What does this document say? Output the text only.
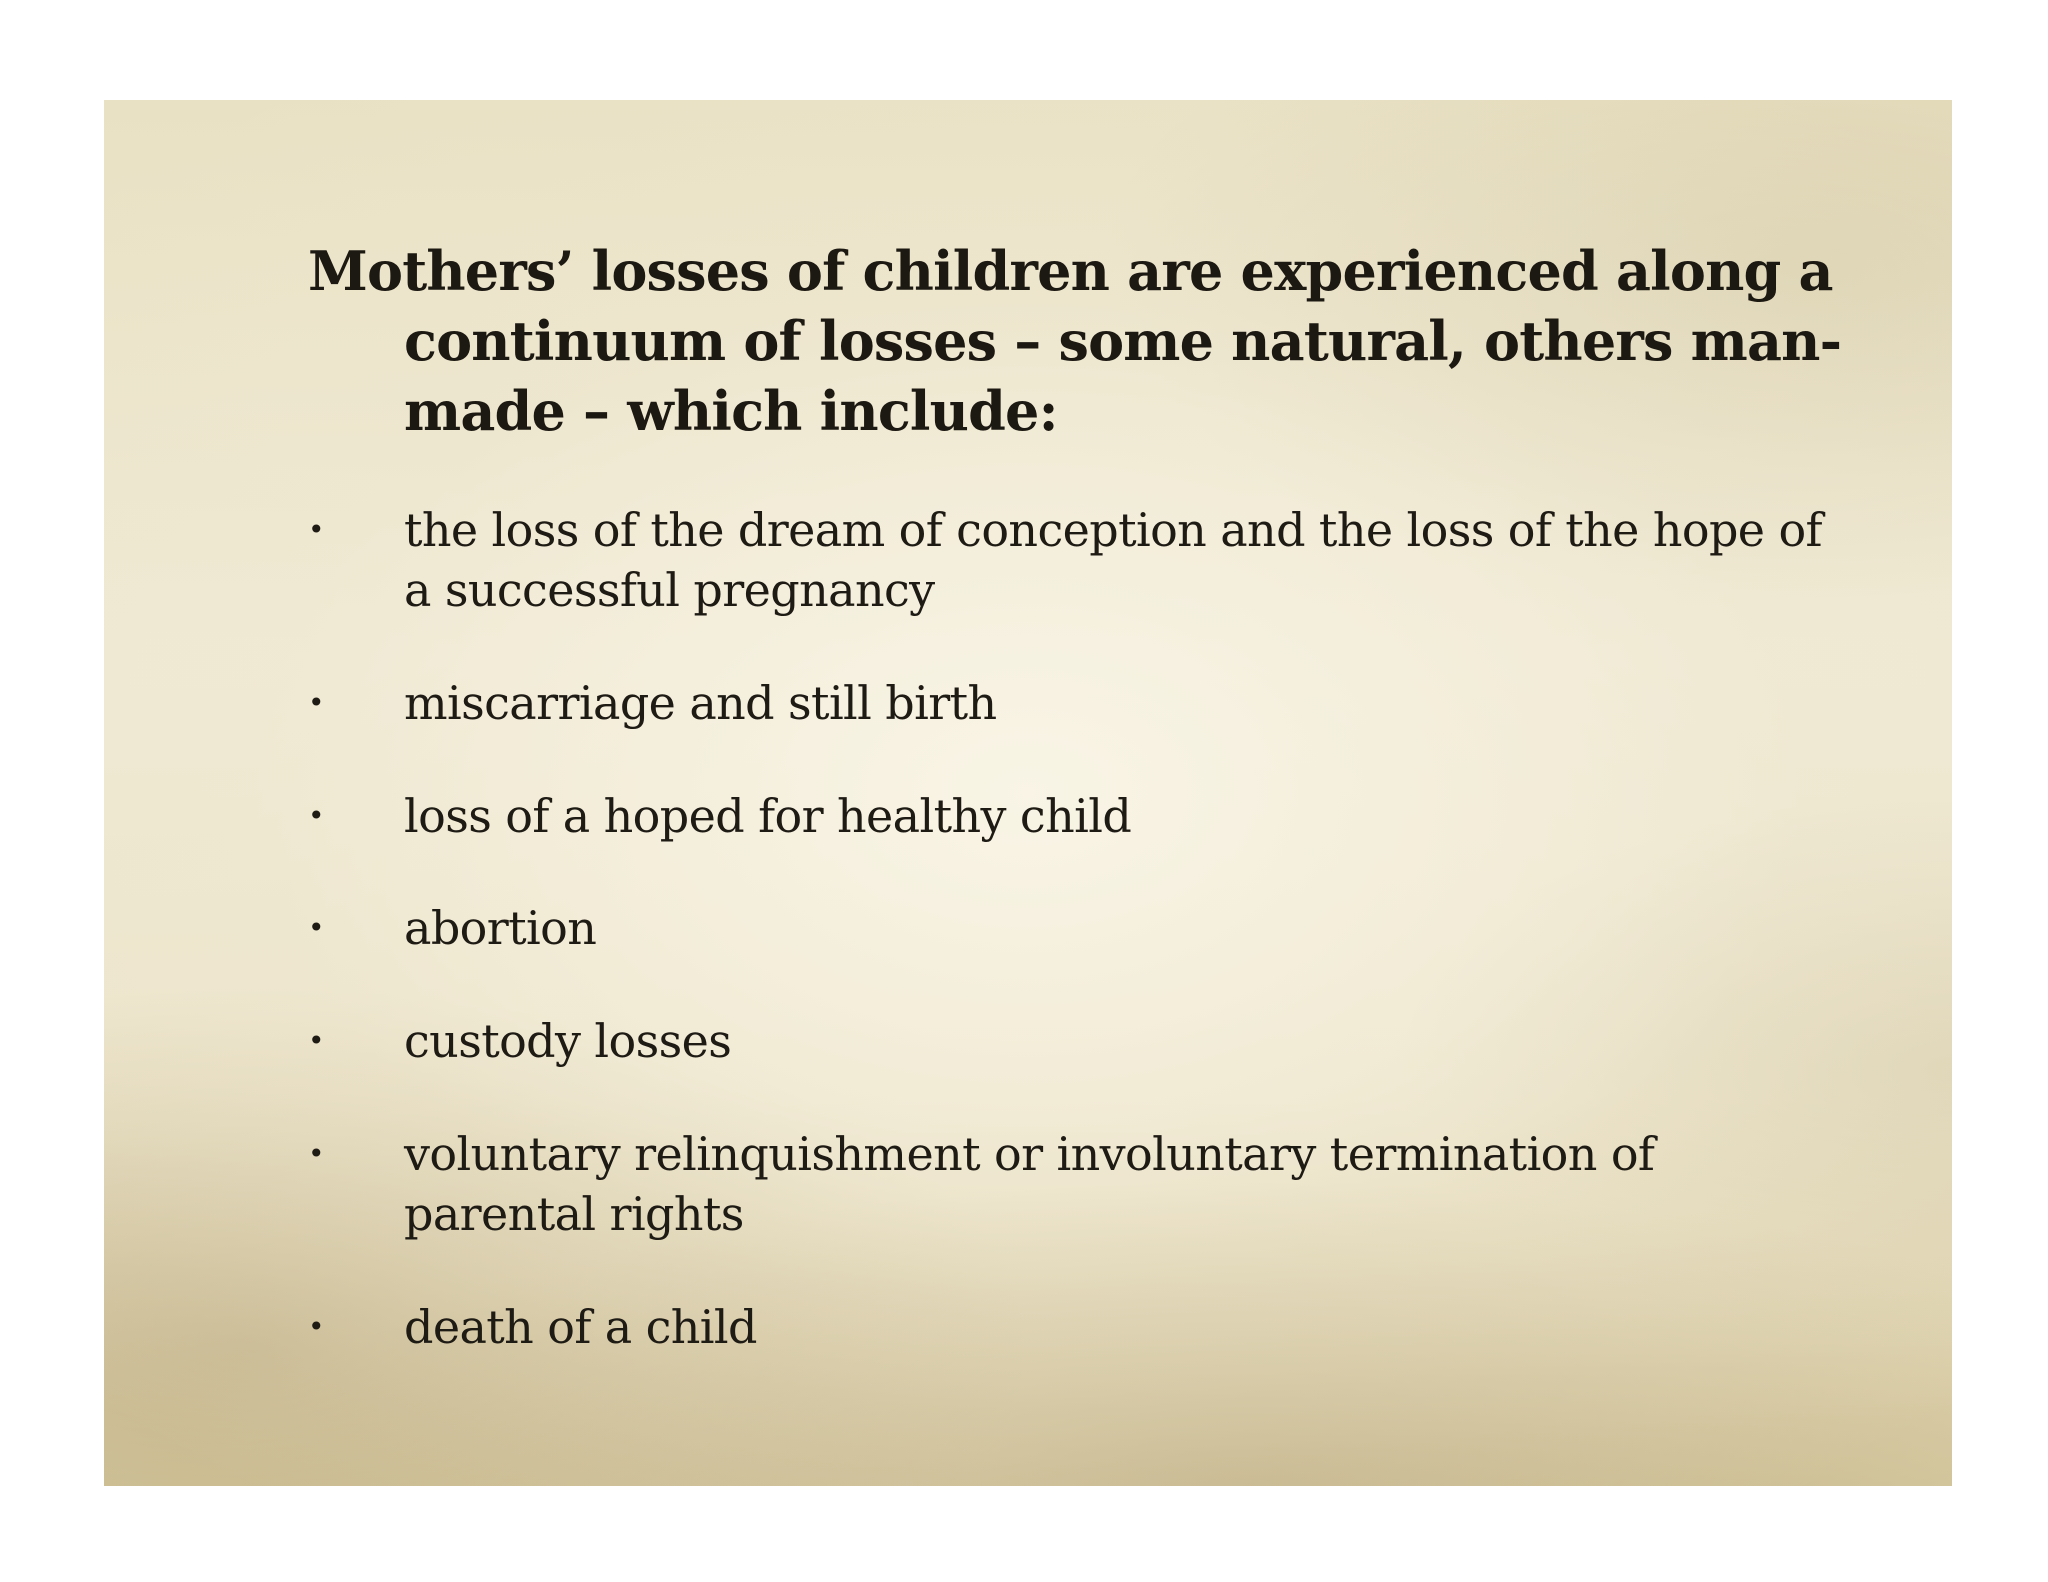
Mothers’ losses of children are experienced along a continuum of losses – some natural, others man-made – which include:
• the loss of the dream of conception and the loss of the hope of a successful pregnancy
• miscarriage and still birth
• loss of a hoped for healthy child
• abortion
• custody losses
• voluntary relinquishment or involuntary termination of parental rights
• death of a child
